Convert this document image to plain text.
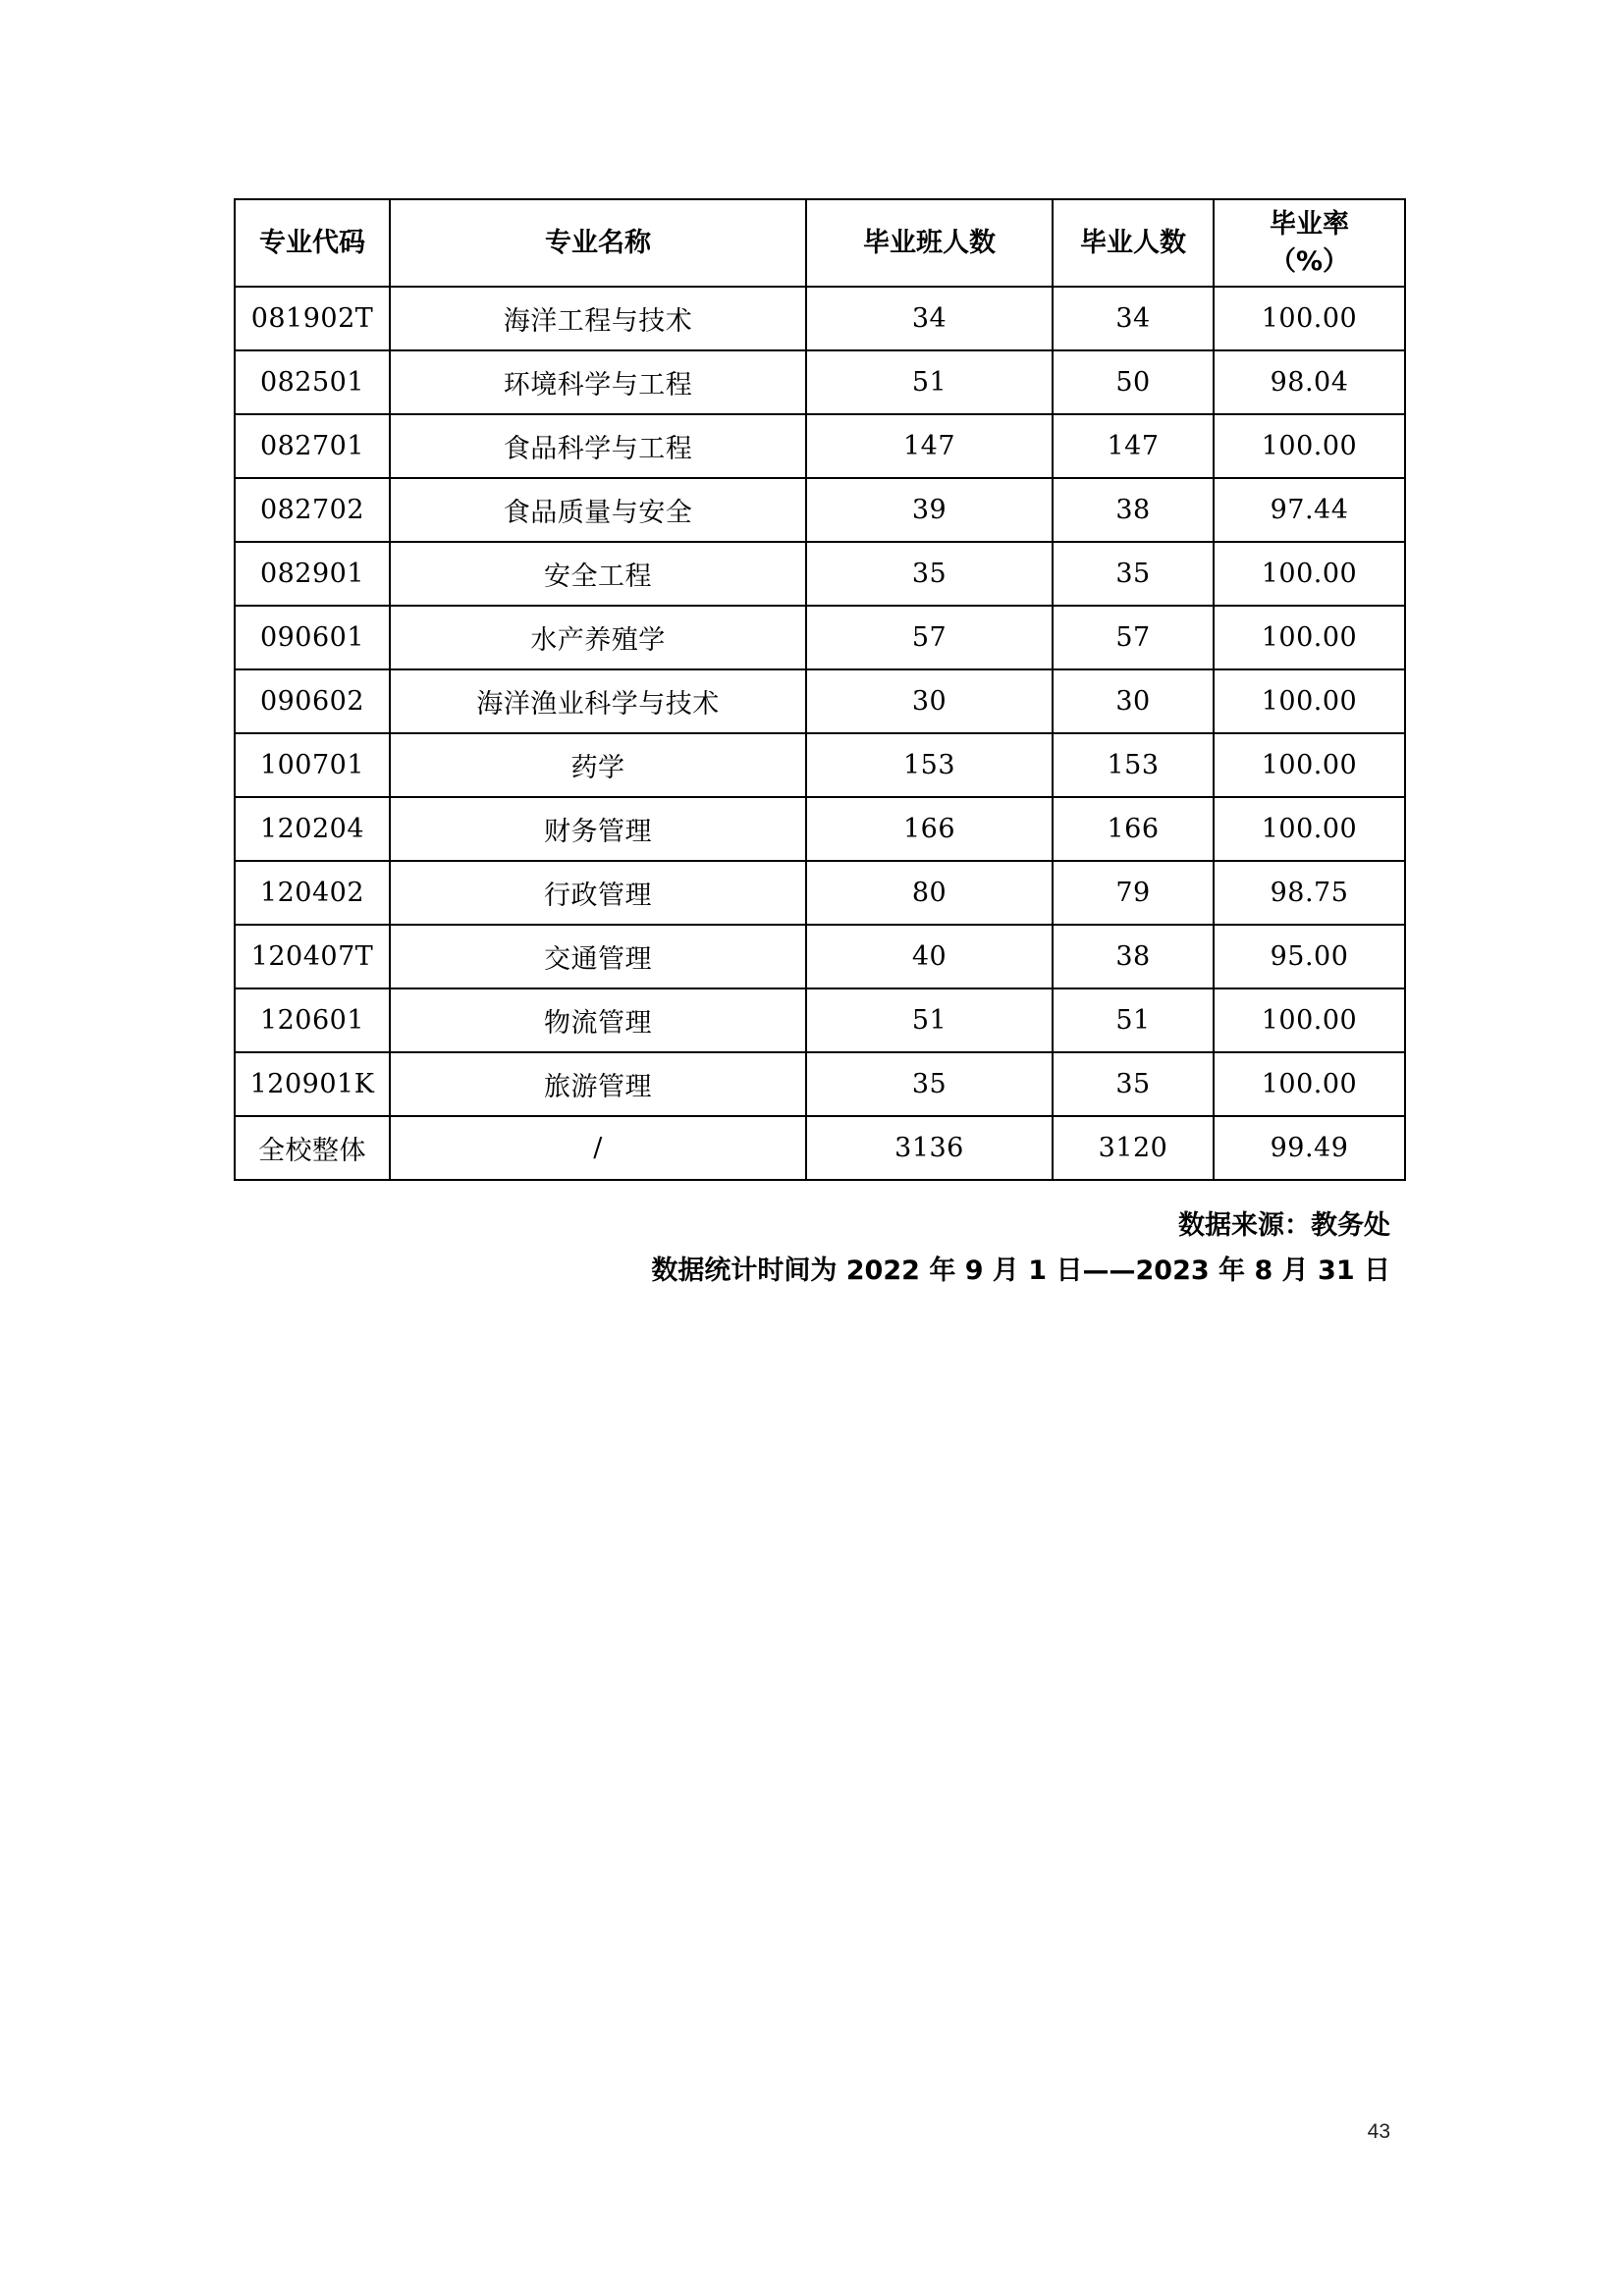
专业代码	专业名称	毕业班人数	毕业人数	毕业率
（%）

081902T	海洋工程与技术	34	34	100.00
082501	环境科学与工程	51	50	98.04
082701	食品科学与工程	147	147	100.00
082702	食品质量与安全	39	38	97.44
082901	安全工程	35	35	100.00
090601	水产养殖学	57	57	100.00
090602	海洋渔业科学与技术	30	30	100.00
100701	药学	153	153	100.00
120204	财务管理	166	166	100.00
120402	行政管理	80	79	98.75
120407T	交通管理	40	38	95.00
120601	物流管理	51	51	100.00
120901K	旅游管理	35	35	100.00
全校整体	/	3136	3120	99.49
数据来源：教务处
数据统计时间为 2022 年 9 月 1 日——2023 年 8 月 31 日
43
